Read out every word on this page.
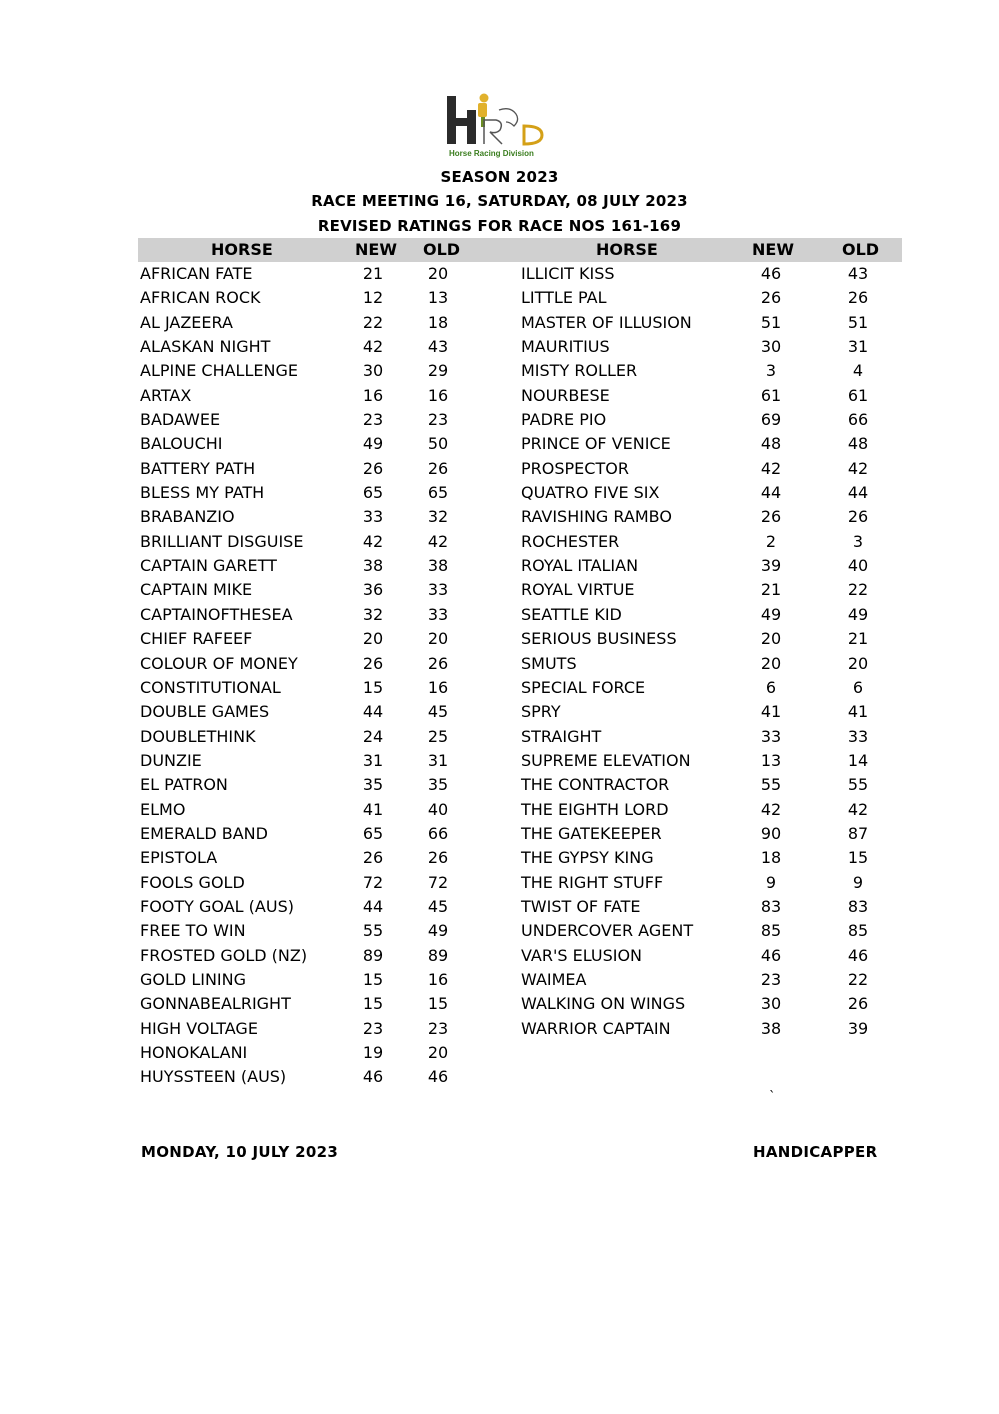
Horse Racing Division
SEASON 2023
RACE MEETING 16, SATURDAY, 08 JULY 2023
REVISED RATINGS FOR RACE NOS 161-169
HORSE	NEW OLD	HORSE	NEW	OLD
AFRICAN FATE	21	20
AFRICAN ROCK	12	13
AL JAZEERA	22	18
ALASKAN NIGHT	42	43
ALPINE CHALLENGE	30	29
ARTAX	16	16
BADAWEE	23	23
BALOUCHI	49	50
BATTERY PATH	26	26
BLESS MY PATH	65	65
BRABANZIO	33	32
BRILLIANT DISGUISE	42	42
CAPTAIN GARETT	38	38
CAPTAIN MIKE	36	33
CAPTAINOFTHESEA	32	33
CHIEF RAFEEF	20	20
COLOUR OF MONEY	26	26
CONSTITUTIONAL	15	16
DOUBLE GAMES	44	45
DOUBLETHINK	24	25
DUNZIE	31	31
EL PATRON	35	35
ELMO	41	40
EMERALD BAND	65	66
EPISTOLA	26	26
FOOLS GOLD	72	72
FOOTY GOAL (AUS)	44	45
FREE TO WIN	55	49
FROSTED GOLD (NZ)	89	89
GOLD LINING	15	16
GONNABEALRIGHT	15	15
HIGH VOLTAGE	23	23
HONOKALANI	19	20
HUYSSTEEN (AUS)	46	46
ILLICIT KISS	46	43
LITTLE PAL	26	26
MASTER OF ILLUSION	51	51
MAURITIUS	30	31
MISTY ROLLER	3	4
NOURBESE	61	61
PADRE PIO	69	66
PRINCE OF VENICE	48	48
PROSPECTOR	42	42
QUATRO FIVE SIX	44	44
RAVISHING RAMBO	26	26
ROCHESTER	2	3
ROYAL ITALIAN	39	40
ROYAL VIRTUE	21	22
SEATTLE KID	49	49
SERIOUS BUSINESS	20	21
SMUTS	20	20
SPECIAL FORCE	6	6
SPRY	41	41
STRAIGHT	33	33
SUPREME ELEVATION	13	14
THE CONTRACTOR	55	55
THE EIGHTH LORD	42	42
THE GATEKEEPER	90	87
THE GYPSY KING	18	15
THE RIGHT STUFF	9	9
TWIST OF FATE	83	83
UNDERCOVER AGENT	85	85
VAR'S ELUSION	46	46
WAIMEA	23	22
WALKING ON WINGS	30	26
WARRIOR CAPTAIN	38	39
`
MONDAY, 10 JULY 2023	HANDICAPPER
